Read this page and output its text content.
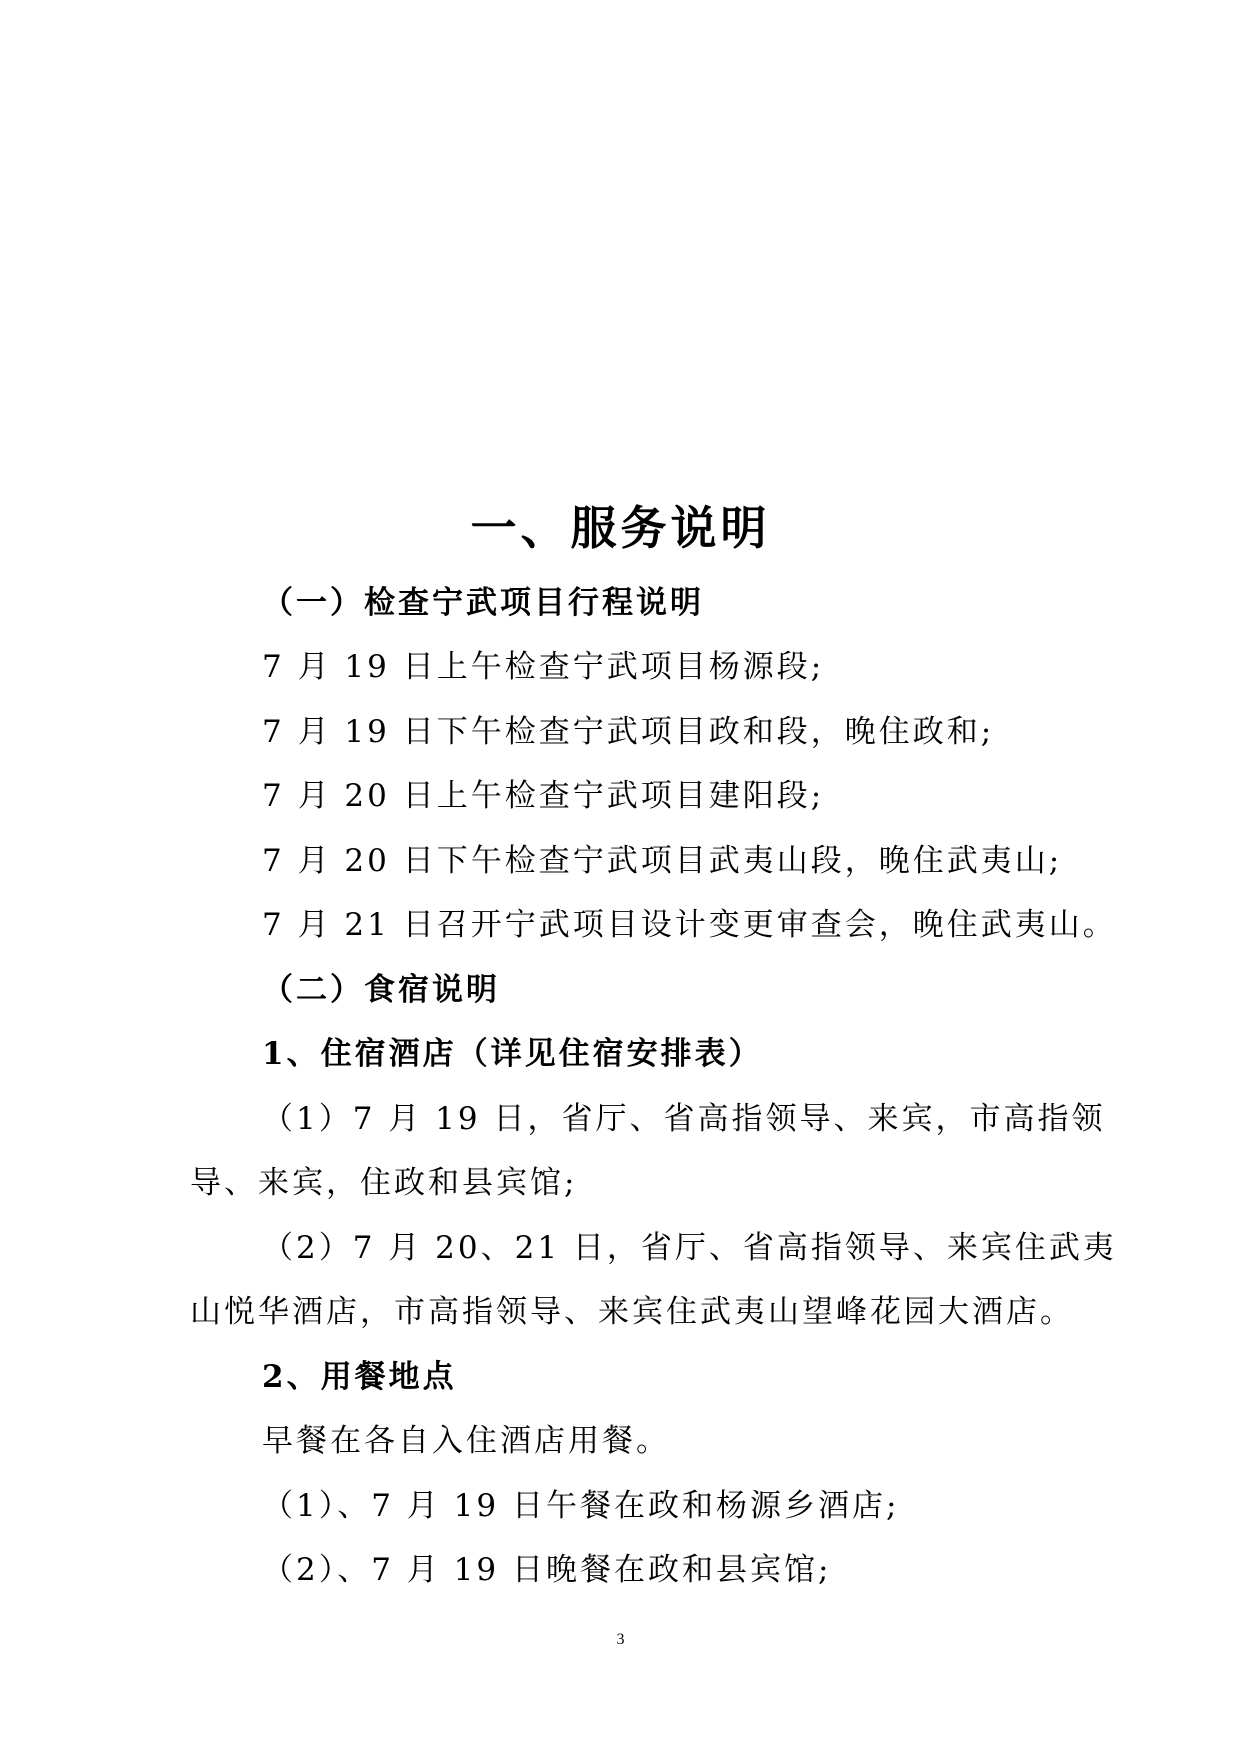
一、服务说明
（一）检查宁武项目行程说明
7 月 19 日上午检查宁武项目杨源段;
7 月 19 日下午检查宁武项目政和段，晚住政和;
7 月 20 日上午检查宁武项目建阳段;
7 月 20 日下午检查宁武项目武夷山段，晚住武夷山;
7 月 21 日召开宁武项目设计变更审查会，晚住武夷山。
（二）食宿说明
1、住宿酒店（详见住宿安排表）
（1）7 月 19 日，省厅、省高指领导、来宾，市高指领
导、来宾，住政和县宾馆;
（2）7 月 20、21 日，省厅、省高指领导、来宾住武夷
山悦华酒店，市高指领导、来宾住武夷山望峰花园大酒店。
2、用餐地点
早餐在各自入住酒店用餐。
（1）、7 月 19 日午餐在政和杨源乡酒店;
（2）、7 月 19 日晚餐在政和县宾馆;
3
